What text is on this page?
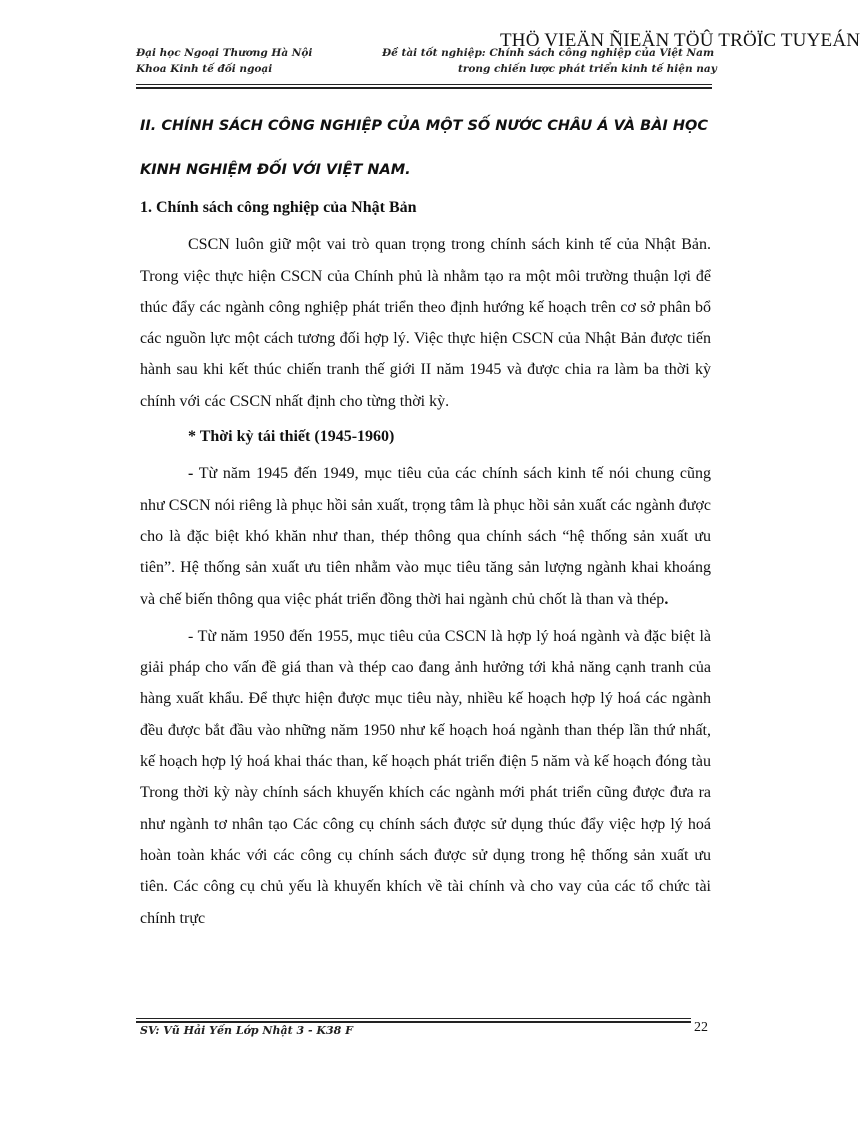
THÖ VIEÄN ÑIEÄN TÖÛ TRÖÏC TUYEÁN
Đại học Ngoại Thương Hà Nội
Khoa Kinh tế đối ngoại
Đề tài tốt nghiệp: Chính sách công nghiệp của Việt Nam
trong chiến lược phát triển kinh tế hiện nay
II. CHÍNH SÁCH CÔNG NGHIỆP CỦA MỘT SỐ NƯỚC CHÂU Á VÀ BÀI HỌC KINH NGHIỆM ĐỐI VỚI VIỆT NAM.

1. Chính sách công nghiệp của Nhật Bản

CSCN luôn giữ một vai trò quan trọng trong chính sách kinh tế của Nhật Bản. Trong việc thực hiện CSCN của Chính phủ là nhằm tạo ra một môi trường thuận lợi để thúc đẩy các ngành công nghiệp phát triển theo định hướng kế hoạch trên cơ sở phân bổ các nguồn lực một cách tương đối hợp lý. Việc thực hiện CSCN của Nhật Bản được tiến hành sau khi kết thúc chiến tranh thế giới II năm 1945 và được chia ra làm ba thời kỳ chính với các CSCN nhất định cho từng thời kỳ.

* Thời kỳ tái thiết (1945-1960)

- Từ năm 1945 đến 1949, mục tiêu của các chính sách kinh tế nói chung cũng như CSCN nói riêng là phục hồi sản xuất, trọng tâm là phục hồi sản xuất các ngành được cho là đặc biệt khó khăn như than, thép thông qua chính sách “hệ thống sản xuất ưu tiên”. Hệ thống sản xuất ưu tiên nhằm vào mục tiêu tăng sản lượng ngành khai khoáng và chế biến thông qua việc phát triển đồng thời hai ngành chủ chốt là than và thép.

- Từ năm 1950 đến 1955, mục tiêu của CSCN là hợp lý hoá ngành và đặc biệt là giải pháp cho vấn đề giá than và thép cao đang ảnh hưởng tới khả năng cạnh tranh của hàng xuất khẩu. Để thực hiện được mục tiêu này, nhiều kế hoạch hợp lý hoá các ngành đều được bắt đầu vào những năm 1950 như kế hoạch hoá ngành than thép lần thứ nhất, kế hoạch hợp lý hoá khai thác than, kế hoạch phát triển điện 5 năm và kế hoạch đóng tàu Trong thời kỳ này chính sách khuyến khích các ngành mới phát triển cũng được đưa ra như ngành tơ nhân tạo Các công cụ chính sách được sử dụng thúc đẩy việc hợp lý hoá hoàn toàn khác với các công cụ chính sách được sử dụng trong hệ thống sản xuất ưu tiên. Các công cụ chủ yếu là khuyến khích về tài chính và cho vay của các tổ chức tài chính trực

SV: Vũ Hải Yến Lớp Nhật 3 - K38 F	22
